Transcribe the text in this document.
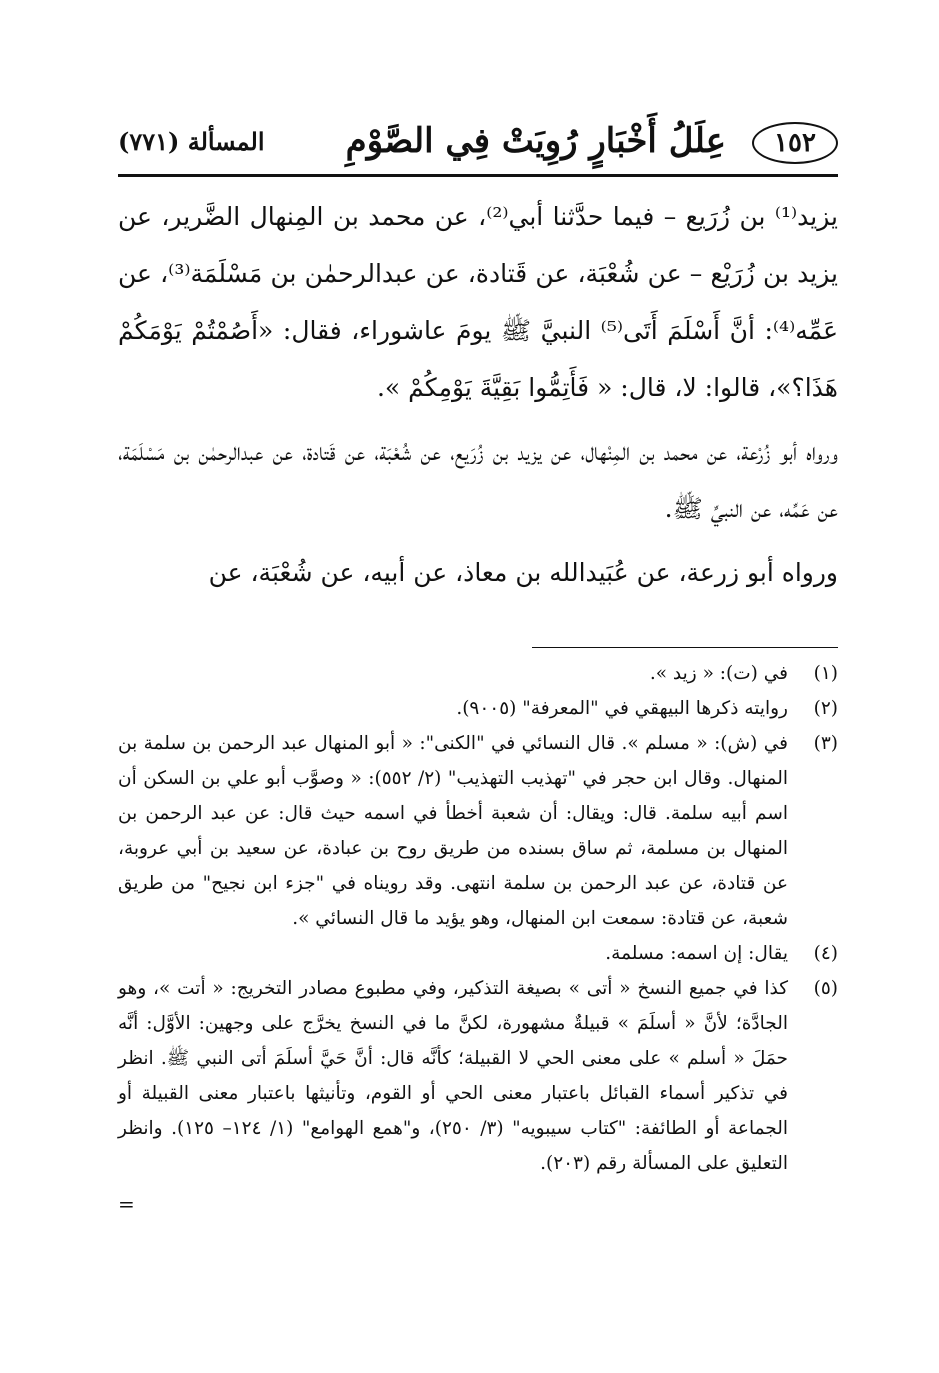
١٥٢
عِلَلُ أَخْبَارٍ رُوِيَتْ فِي الصَّوْمِ
المسألة (٧٧١)

يزيد⁽¹⁾ بن زُرَيع – فيما حدَّثنا أبي⁽²⁾، عن محمد بن المِنهال الضَّرير، عن يزيد بن زُرَيْع – عن شُعْبَة، عن قَتادة، عن عبدالرحمٰن بن مَسْلَمَة⁽³⁾، عن عَمِّه⁽⁴⁾: أنَّ أَسْلَمَ أَتَى⁽⁵⁾ النبيَّ ﷺ يومَ عاشوراء، فقال: «أَصُمْتُمْ يَوْمَكُمْ هَذَا؟»، قالوا: لا، قال: « فَأَتِمُّوا بَقِيَّةَ يَوْمِكُمْ ».

ورواه أبو زُرْعة، عن محمد بن المِنْهال، عن يزيد بن زُرَيع، عن شُعْبَة، عن قَتادة، عن عبدالرحمٰن بن مَسْلَمَة، عن عَمِّه، عن النبيِّ ﷺ.

ورواه أبو زرعة، عن عُبَيدالله بن معاذ، عن أبيه، عن شُعْبَة، عن

(١)
في (ت): « زيد ».
(٢)
روايته ذكرها البيهقي في "المعرفة" (٩٠٠٥).
(٣)
في (ش): « مسلم ». قال النسائي في "الكنى": « أبو المنهال عبد الرحمن بن سلمة بن المنهال. وقال ابن حجر في "تهذيب التهذيب" (٢/ ٥٥٢): « وصوَّب أبو علي بن السكن أن اسم أبيه سلمة. قال: ويقال: أن شعبة أخطأ في اسمه حيث قال: عن عبد الرحمن بن المنهال بن مسلمة، ثم ساق بسنده من طريق روح بن عبادة، عن سعيد بن أبي عروبة، عن قتادة، عن عبد الرحمن بن سلمة انتهى. وقد رويناه في "جزء ابن نجيح" من طريق شعبة، عن قتادة: سمعت ابن المنهال، وهو يؤيد ما قال النسائي ».
(٤)
يقال: إن اسمه: مسلمة.
(٥)
كذا في جميع النسخ « أتى » بصيغة التذكير، وفي مطبوع مصادر التخريج: « أتت »، وهو الجادَّة؛ لأنَّ « أسلَمَ » قبيلةٌ مشهورة، لكنَّ ما في النسخ يخرَّج على وجهين: الأوَّل: أنَّه حمَلَ « أسلم » على معنى الحي لا القبيلة؛ كأنَّه قال: أنَّ حَيَّ أسلَمَ أتى النبي ﷺ. انظر في تذكير أسماء القبائل باعتبار معنى الحي أو القوم، وتأنيثها باعتبار معنى القبيلة أو الجماعة أو الطائفة: "كتاب سيبويه" (٣/ ٢٥٠)، و"همع الهوامع" (١/ ١٢٤– ١٢٥). وانظر التعليق على المسألة رقم (٢٠٣).
=
